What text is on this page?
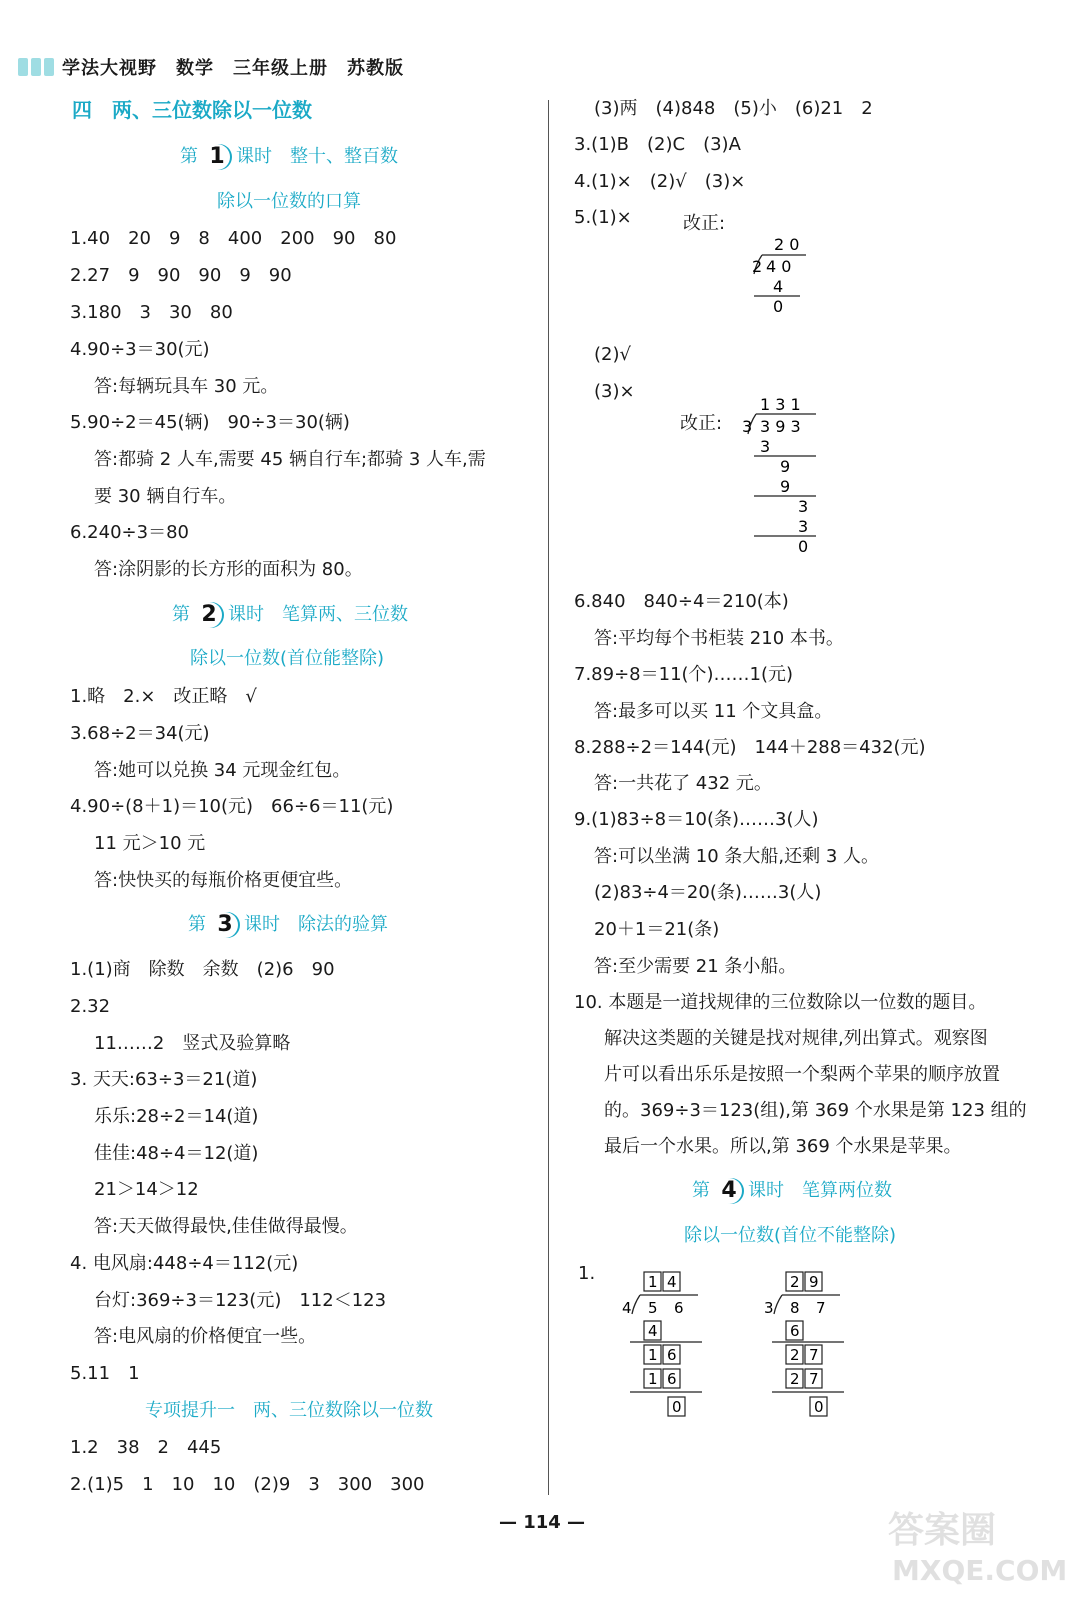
学法大视野　数学　三年级上册　苏教版
四　两、三位数除以一位数
第 1 课时　整十、整百数
除以一位数的口算
1.40　20　9　8　400　200　90　80
2.27　9　90　90　9　90
3.180　3　30　80
4.90÷3＝30(元)
答:每辆玩具车 30 元。
5.90÷2＝45(辆)　90÷3＝30(辆)
答:都骑 2 人车,需要 45 辆自行车;都骑 3 人车,需
要 30 辆自行车。
6.240÷3＝80
答:涂阴影的长方形的面积为 80。
第 2 课时　笔算两、三位数
除以一位数(首位能整除)
1.略　2.×　改正略　√
3.68÷2＝34(元)
答:她可以兑换 34 元现金红包。
4.90÷(8＋1)＝10(元)　66÷6＝11(元)
11 元＞10 元
答:快快买的每瓶价格更便宜些。
第 3 课时　除法的验算
1.(1)商　除数　余数　(2)6　90
2.32
11……2　竖式及验算略
3. 天天:63÷3＝21(道)
乐乐:28÷2＝14(道)
佳佳:48÷4＝12(道)
21＞14＞12
答:天天做得最快,佳佳做得最慢。
4. 电风扇:448÷4＝112(元)
台灯:369÷3＝123(元)　112＜123
答:电风扇的价格便宜一些。
5.11　1
专项提升一　两、三位数除以一位数
1.2　38　2　445
2.(1)5　1　10　10　(2)9　3　300　300
(3)两　(4)848　(5)小　(6)21　2
3.(1)B　(2)C　(3)A
4.(1)×　(2)√　(3)×
5.(1)×	改正:
2 0
2 4 0
4
0
(2)√
(3)×
改正:
1 3 1
3 3 9 3
3
9
9
3
3
0
6.840　840÷4＝210(本)
答:平均每个书柜装 210 本书。
7.89÷8＝11(个)……1(元)
答:最多可以买 11 个文具盒。
8.288÷2＝144(元)　144＋288＝432(元)
答:一共花了 432 元。
9.(1)83÷8＝10(条)……3(人)
答:可以坐满 10 条大船,还剩 3 人。
(2)83÷4＝20(条)……3(人)
20＋1＝21(条)
答:至少需要 21 条小船。
10. 本题是一道找规律的三位数除以一位数的题目。
解决这类题的关键是找对规律,列出算式。观察图
片可以看出乐乐是按照一个梨两个苹果的顺序放置
的。369÷3＝123(组),第 369 个水果是第 123 组的
最后一个水果。所以,第 369 个水果是苹果。
第 4 课时　笔算两位数
除以一位数(首位不能整除)
1.	1 4
4 5 6
4
1 6
1 6
0
2 9
3 8 7
6
2 7
2 7
0
— 114 —	答案圈
MXQE.COM
